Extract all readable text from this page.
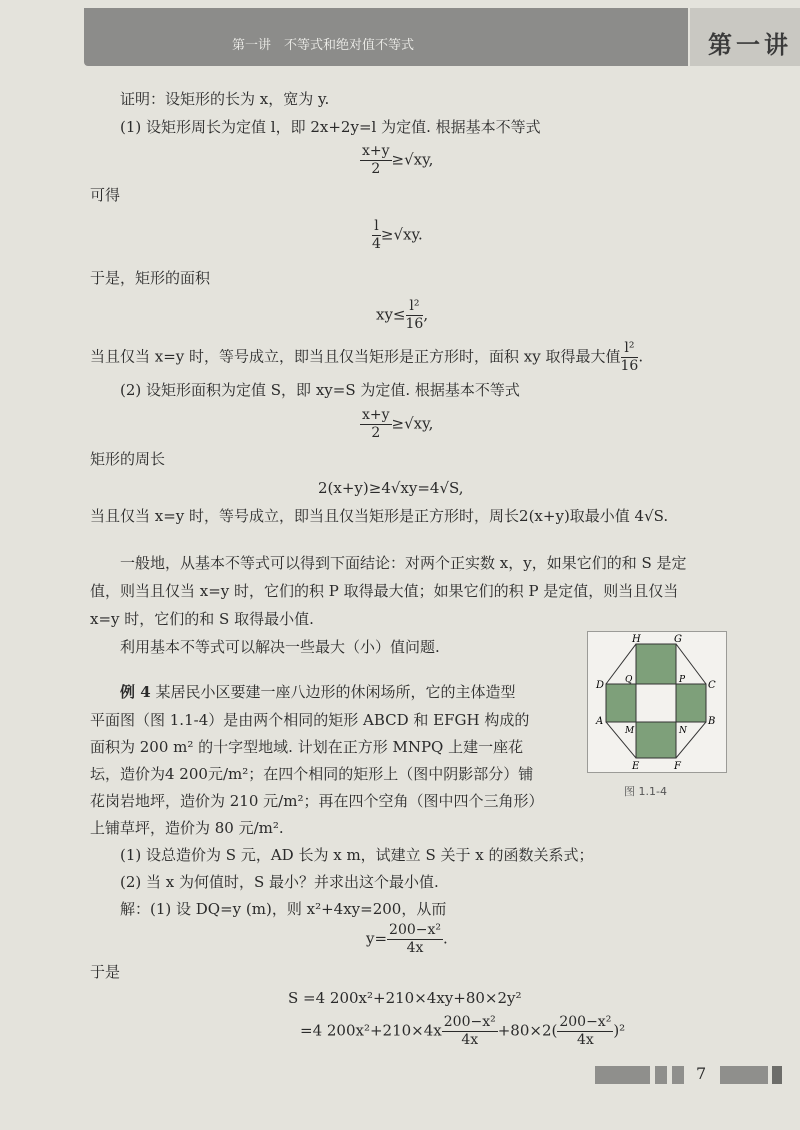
第一讲　不等式和绝对值不等式	第一讲
证明：设矩形的长为 x，宽为 y.
(1) 设矩形周长为定值 l，即 2x+2y=l 为定值. 根据基本不等式
$\frac{x+y}{2} \ge√xy$,
可得
$\frac{l}{4} \ge√xy$.
于是，矩形的面积
$xy\le \frac{\text{l²}}{16}$ ,
当且仅当 x=y 时，等号成立，即当且仅当矩形是正方形时，面积 xy 取得最大值 $\frac{\text{l²}}{16}$ .
(2) 设矩形面积为定值 S，即 xy=S 为定值. 根据基本不等式
$\frac{x+y}{2} \ge√xy$,
矩形的周长
2(x+y)≥4√xy=4√S,
当且仅当 x=y 时，等号成立，即当且仅当矩形是正方形时，周长2(x+y)取最小值 4√S.
一般地，从基本不等式可以得到下面结论：对两个正实数 x，y，如果它们的和 S 是定
值，则当且仅当 x=y 时，它们的积 P 取得最大值；如果它们的积 P 是定值，则当且仅当
x=y 时，它们的和 S 取得最小值.
利用基本不等式可以解决一些最大（小）值问题.
例 4 某居民小区要建一座八边形的休闲场所，它的主体造型
平面图（图 1.1-4）是由两个相同的矩形 ABCD 和 EFGH 构成的
面积为 200 m² 的十字型地域. 计划在正方形 MNPQ 上建一座花
坛，造价为4 200元/m²；在四个相同的矩形上（图中阴影部分）铺
花岗岩地坪，造价为 210 元/m²；再在四个空角（图中四个三角形）
上铺草坪，造价为 80 元/m².
(1) 设总造价为 S 元，AD 长为 x m，试建立 S 关于 x 的函数关系式；
(2) 当 x 为何值时，S 最小？并求出这个最小值.
解：(1) 设 DQ=y (m)，则 x²+4xy=200，从而
$y= \frac{\text{200−x²}}{4x}$ .
于是
S =4 200x²+210×4xy+80×2y²
=4 $200x^2+210\times 4x \frac{\text{200−x²}}{4x} +80\times 2( \frac{\text{200−x²}}{4x} )^2$
H	G
D	C
A	B
E	F
Q	P
M	N
图 1.1-4
7
